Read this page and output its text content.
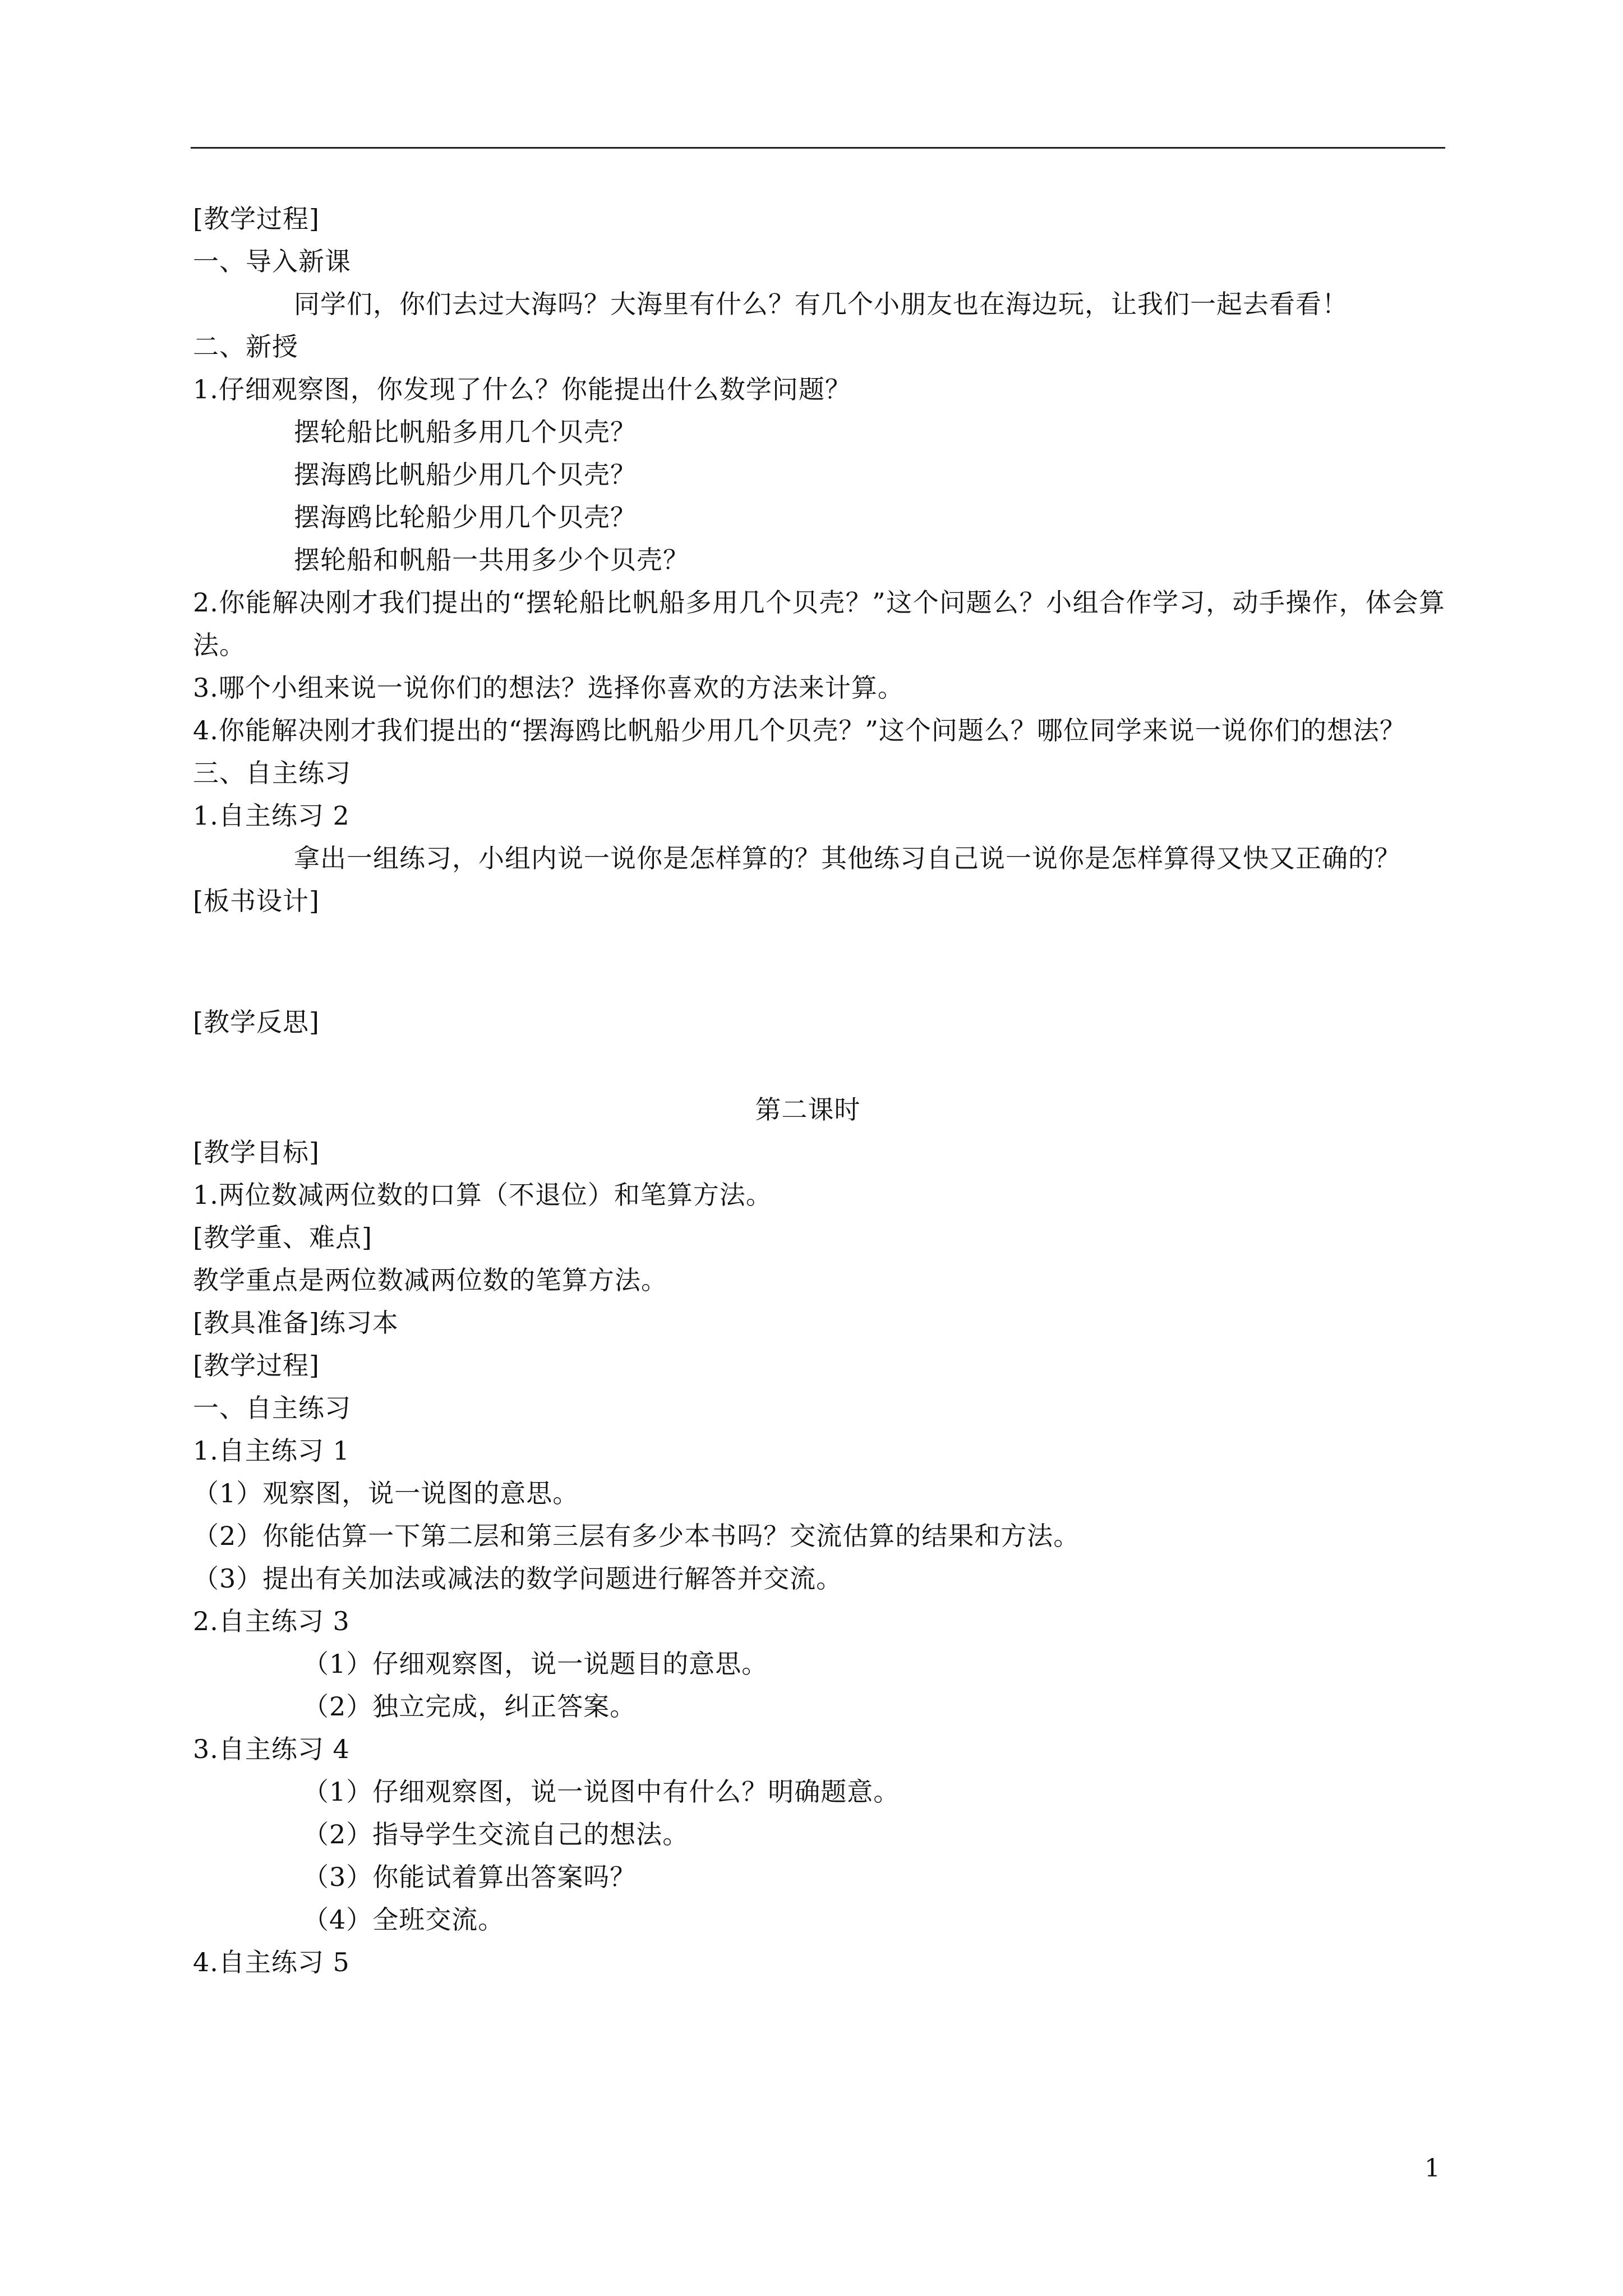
[教学过程]
一、导入新课
同学们，你们去过大海吗？大海里有什么？有几个小朋友也在海边玩，让我们一起去看看！
二、新授
1.仔细观察图，你发现了什么？你能提出什么数学问题？
摆轮船比帆船多用几个贝壳？
摆海鸥比帆船少用几个贝壳？
摆海鸥比轮船少用几个贝壳？
摆轮船和帆船一共用多少个贝壳？
2.你能解决刚才我们提出的“摆轮船比帆船多用几个贝壳？”这个问题么？小组合作学习，动手操作，体会算法。
3.哪个小组来说一说你们的想法？选择你喜欢的方法来计算。
4.你能解决刚才我们提出的“摆海鸥比帆船少用几个贝壳？”这个问题么？哪位同学来说一说你们的想法？
三、自主练习
1.自主练习 2
拿出一组练习，小组内说一说你是怎样算的？其他练习自己说一说你是怎样算得又快又正确的？
[板书设计]
[教学反思]
第二课时
[教学目标]
1.两位数减两位数的口算（不退位）和笔算方法。
[教学重、难点]
教学重点是两位数减两位数的笔算方法。
[教具准备]练习本
[教学过程]
一、自主练习
1.自主练习 1
（1）观察图，说一说图的意思。
（2）你能估算一下第二层和第三层有多少本书吗？交流估算的结果和方法。
（3）提出有关加法或减法的数学问题进行解答并交流。
2.自主练习 3
（1）仔细观察图，说一说题目的意思。
（2）独立完成，纠正答案。
3.自主练习 4
（1）仔细观察图，说一说图中有什么？明确题意。
（2）指导学生交流自己的想法。
（3）你能试着算出答案吗？
（4）全班交流。
4.自主练习 5
1
